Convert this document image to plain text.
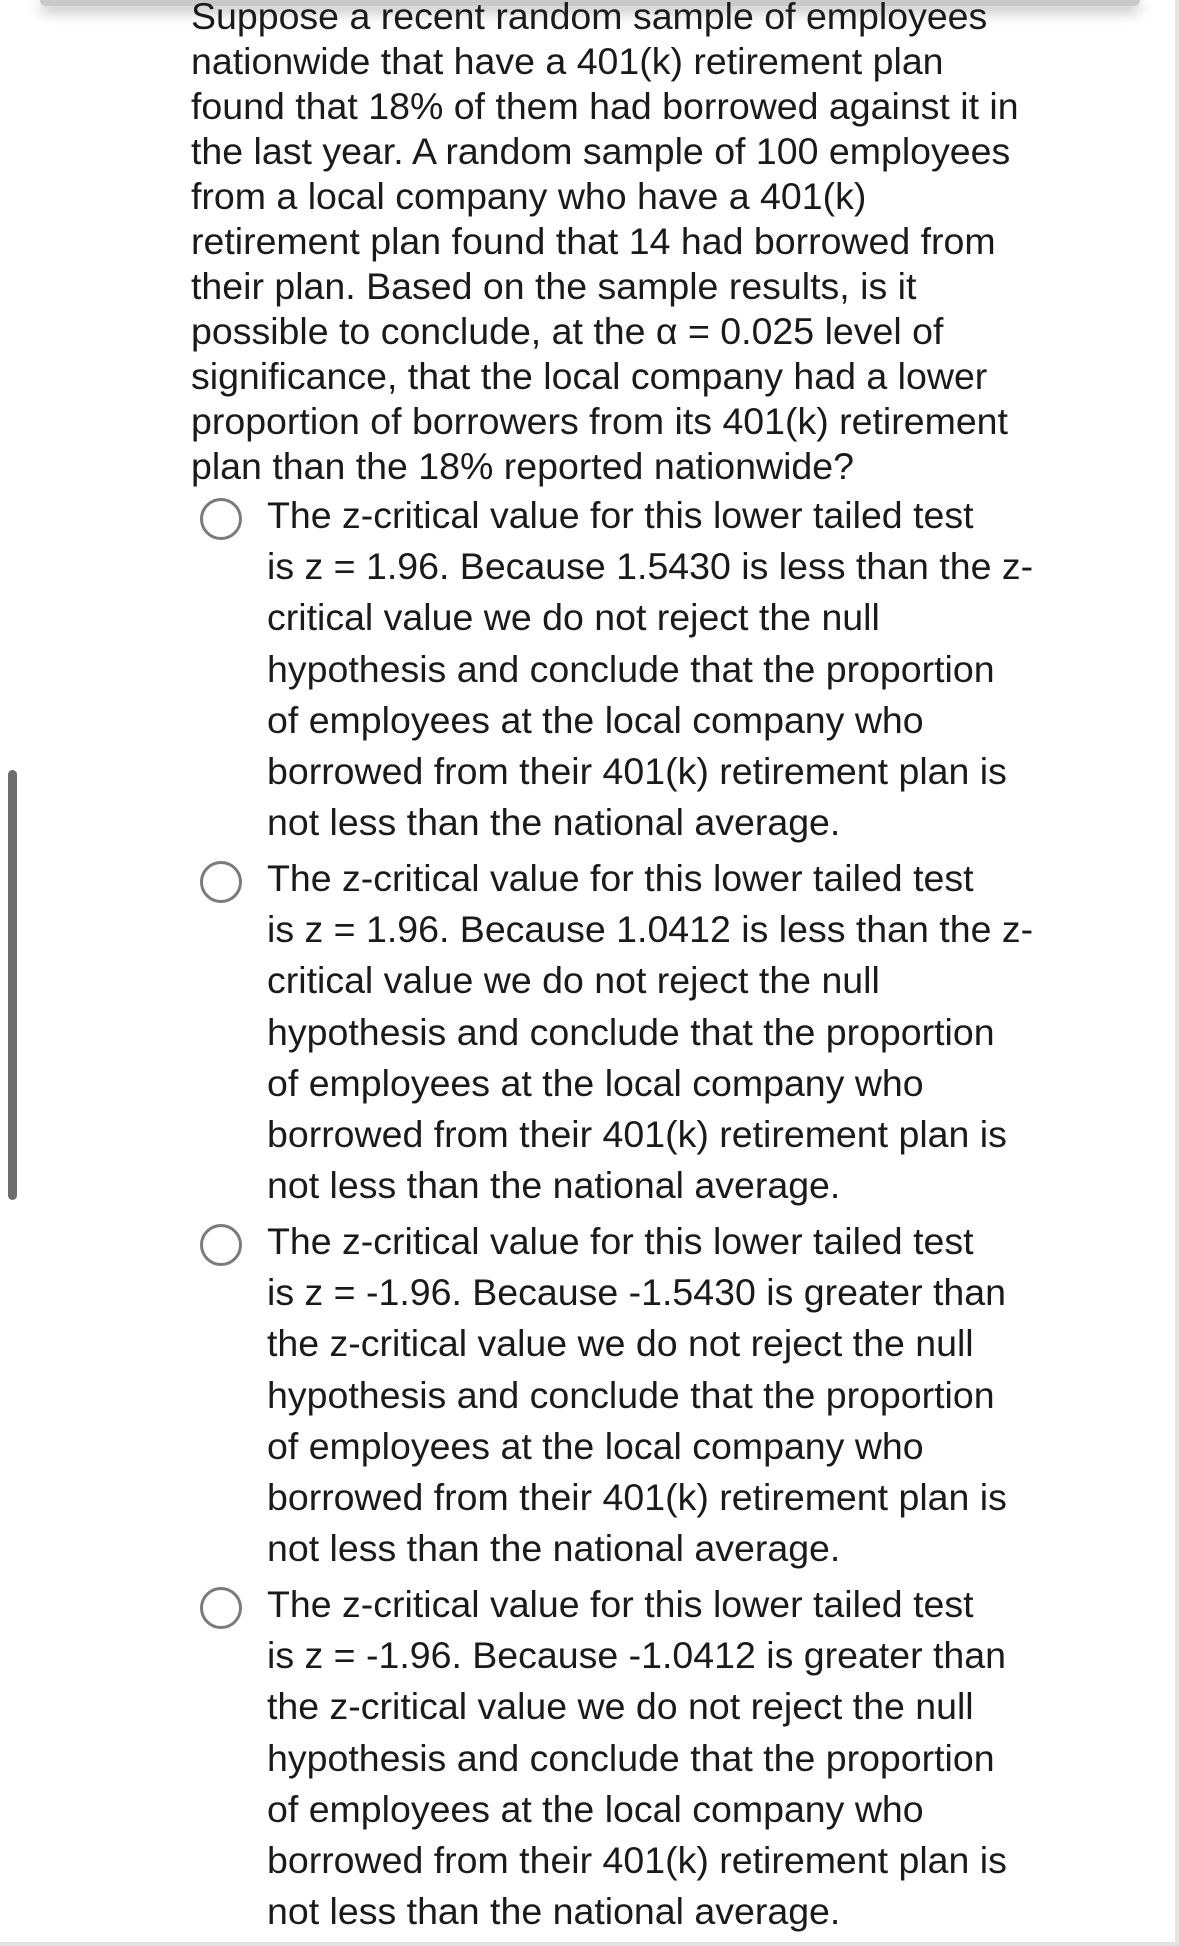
Suppose a recent random sample of employees
nationwide that have a 401(k) retirement plan
found that 18% of them had borrowed against it in
the last year. A random sample of 100 employees
from a local company who have a 401(k)
retirement plan found that 14 had borrowed from
their plan. Based on the sample results, is it
possible to conclude, at the α = 0.025 level of
significance, that the local company had a lower
proportion of borrowers from its 401(k) retirement
plan than the 18% reported nationwide?
The z-critical value for this lower tailed test
is z = 1.96. Because 1.5430 is less than the z-
critical value we do not reject the null
hypothesis and conclude that the proportion
of employees at the local company who
borrowed from their 401(k) retirement plan is
not less than the national average.
The z-critical value for this lower tailed test
is z = 1.96. Because 1.0412 is less than the z-
critical value we do not reject the null
hypothesis and conclude that the proportion
of employees at the local company who
borrowed from their 401(k) retirement plan is
not less than the national average.
The z-critical value for this lower tailed test
is z = -1.96. Because -1.5430 is greater than
the z-critical value we do not reject the null
hypothesis and conclude that the proportion
of employees at the local company who
borrowed from their 401(k) retirement plan is
not less than the national average.
The z-critical value for this lower tailed test
is z = -1.96. Because -1.0412 is greater than
the z-critical value we do not reject the null
hypothesis and conclude that the proportion
of employees at the local company who
borrowed from their 401(k) retirement plan is
not less than the national average.
